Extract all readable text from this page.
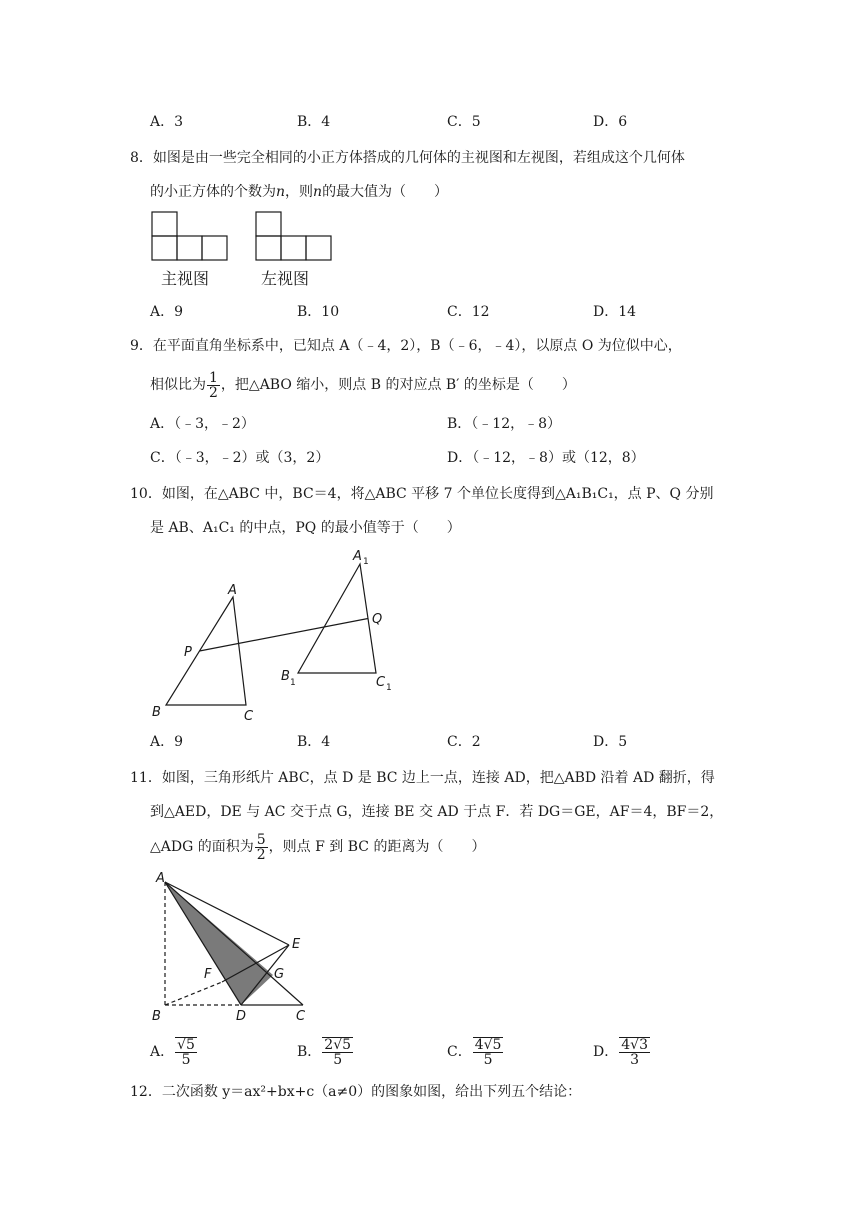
A．3	B．4	C．5	D．6
8．如图是由一些完全相同的小正方体搭成的几何体的主视图和左视图，若组成这个几何体
的小正方体的个数为n，则n的最大值为（　　）
主视图	左视图
A．9	B．10	C．12	D．14
9．在平面直角坐标系中，已知点 A（﹣4，2），B（﹣6，﹣4），以原点 O 为位似中心，
相似比为 $\frac{1}{2}$ ，把△ABO 缩小，则点 B 的对应点 B′ 的坐标是（　　）
A．（﹣3，﹣2）	B．（﹣12，﹣8）
C．（﹣3，﹣2）或（3，2）	D．（﹣12，﹣8）或（12，8）
10．如图，在△ABC 中，BC＝4，将△ABC 平移 7 个单位长度得到△A₁B₁C₁，点 P、Q 分别
是 AB、A₁C₁ 的中点，PQ 的最小值等于（　　）
A
B	C
P
Q
A 1
B 1	C 1
A．9	B．4	C．2	D．5
11．如图，三角形纸片 ABC，点 D 是 BC 边上一点，连接 AD，把△ABD 沿着 AD 翻折，得
到△AED，DE 与 AC 交于点 G，连接 BE 交 AD 于点 F．若 DG＝GE，AF＝4，BF＝2，
△ADG 的面积为 $\frac{5}{2}$ ，则点 F 到 BC 的距离为（　　）
A
B	C
D
E
F	G
A． $\frac{√5}{5}$	B． $\frac{2√5}{5}$	C． $\frac{4√5}{5}$	D． $\frac{4√3}{3}$
12．二次函数 y＝ax²+bx+c（a≠0）的图象如图，给出下列五个结论：
